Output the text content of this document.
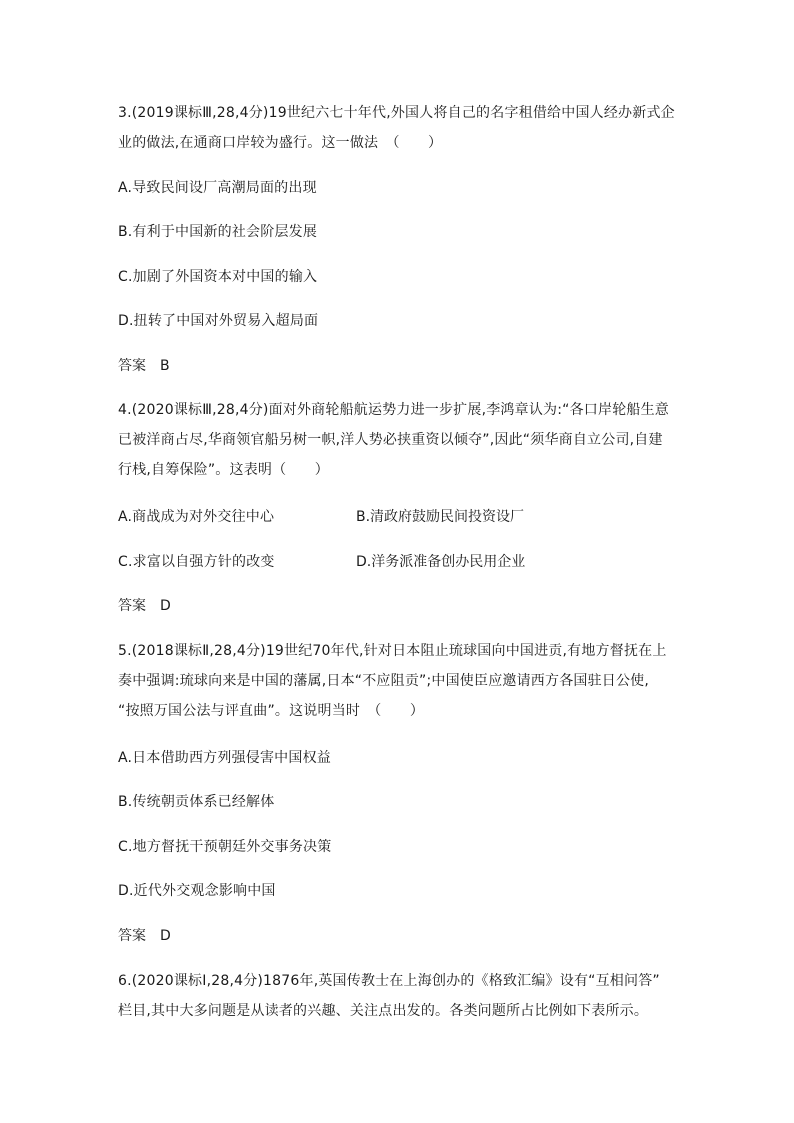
3.(2019课标Ⅲ,28,4分)19世纪六七十年代,外国人将自己的名字租借给中国人经办新式企
业的做法,在通商口岸较为盛行。这一做法　（　　）
A.导致民间设厂高潮局面的出现
B.有利于中国新的社会阶层发展
C.加剧了外国资本对中国的输入
D.扭转了中国对外贸易入超局面
答案 B
4.(2020课标Ⅲ,28,4分)面对外商轮船航运势力进一步扩展,李鸿章认为:“各口岸轮船生意
已被洋商占尽,华商领官船另树一帜,洋人势必挟重资以倾夺”,因此“须华商自立公司,自建
行栈,自筹保险”。这表明（　　）
A.商战成为对外交往中心	B.清政府鼓励民间投资设厂
C.求富以自强方针的改变	D.洋务派准备创办民用企业
答案 D
5.(2018课标Ⅱ,28,4分)19世纪70年代,针对日本阻止琉球国向中国进贡,有地方督抚在上
奏中强调:琉球向来是中国的藩属,日本“不应阻贡”;中国使臣应邀请西方各国驻日公使,
“按照万国公法与评直曲”。这说明当时　（　　）
A.日本借助西方列强侵害中国权益
B.传统朝贡体系已经解体
C.地方督抚干预朝廷外交事务决策
D.近代外交观念影响中国
答案 D
6.(2020课标Ⅰ,28,4分)1876年,英国传教士在上海创办的《格致汇编》设有“互相问答”
栏目,其中大多问题是从读者的兴趣、关注点出发的。各类问题所占比例如下表所示。
